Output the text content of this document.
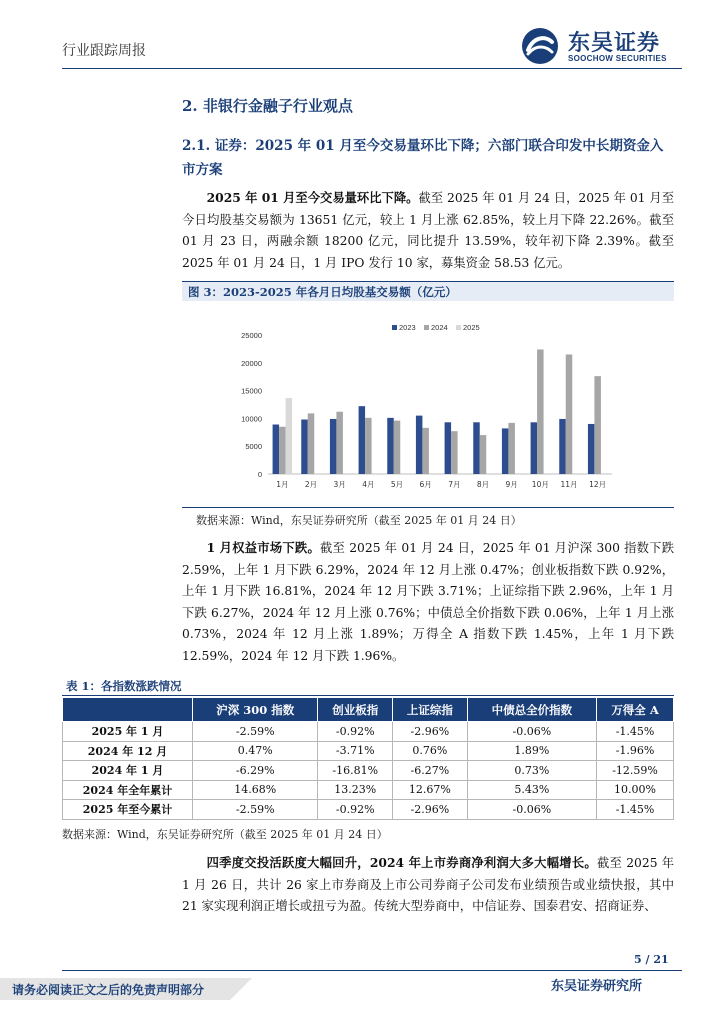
行业跟踪周报	东吴证券
SOOCHOW SECURITIES
2. 非银行金融子行业观点
2.1. 证券：2025 年 01 月至今交易量环比下降；六部门联合印发中长期资金入市方案
2025 年 01 月至今交易量环比下降。截至 2025 年 01 月 24 日，2025 年 01 月至今日均股基交易额为 13651 亿元，较上 1 月上涨 62.85%，较上月下降 22.26%。截至 01 月 23 日，两融余额 18200 亿元，同比提升 13.59%，较年初下降 2.39%。截至 2025 年 01 月 24 日，1 月 IPO 发行 10 家，募集资金 58.53 亿元。
图 3：2023-2025 年各月日均股基交易额（亿元）
0
5000
10000
15000
20000
25000
1月 2月 3月 4月 5月 6月 7月 8月 9月 10月 11月 12月
2023 2024 2025
数据来源：Wind，东吴证券研究所（截至 2025 年 01 月 24 日）
1 月权益市场下跌。截至 2025 年 01 月 24 日，2025 年 01 月沪深 300 指数下跌 2.59%，上年 1 月下跌 6.29%，2024 年 12 月上涨 0.47%；创业板指数下跌 0.92%，上年 1 月下跌 16.81%，2024 年 12 月下跌 3.71%；上证综指下跌 2.96%，上年 1 月下跌 6.27%，2024 年 12 月上涨 0.76%；中债总全价指数下跌 0.06%，上年 1 月上涨 0.73%，2024 年 12 月上涨 1.89%；万得全 A 指数下跌 1.45%，上年 1 月下跌 12.59%，2024 年 12 月下跌 1.96%。
表 1：各指数涨跌情况
	沪深 300 指数	创业板指	上证综指	中债总全价指数	万得全 A
2025 年 1 月	-2.59%	-0.92%	-2.96%	-0.06%	-1.45%
2024 年 12 月	0.47%	-3.71%	0.76%	1.89%	-1.96%
2024 年 1 月	-6.29%	-16.81%	-6.27%	0.73%	-12.59%
2024 年全年累计	14.68%	13.23%	12.67%	5.43%	10.00%
2025 年至今累计	-2.59%	-0.92%	-2.96%	-0.06%	-1.45%
数据来源：Wind，东吴证券研究所（截至 2025 年 01 月 24 日）
四季度交投活跃度大幅回升，2024 年上市券商净利润大多大幅增长。截至 2025 年 1 月 26 日，共计 26 家上市券商及上市公司券商子公司发布业绩预告或业绩快报，其中 21 家实现利润正增长或扭亏为盈。传统大型券商中，中信证券、国泰君安、招商证券、
5 / 21
东吴证券研究所
请务必阅读正文之后的免责声明部分
